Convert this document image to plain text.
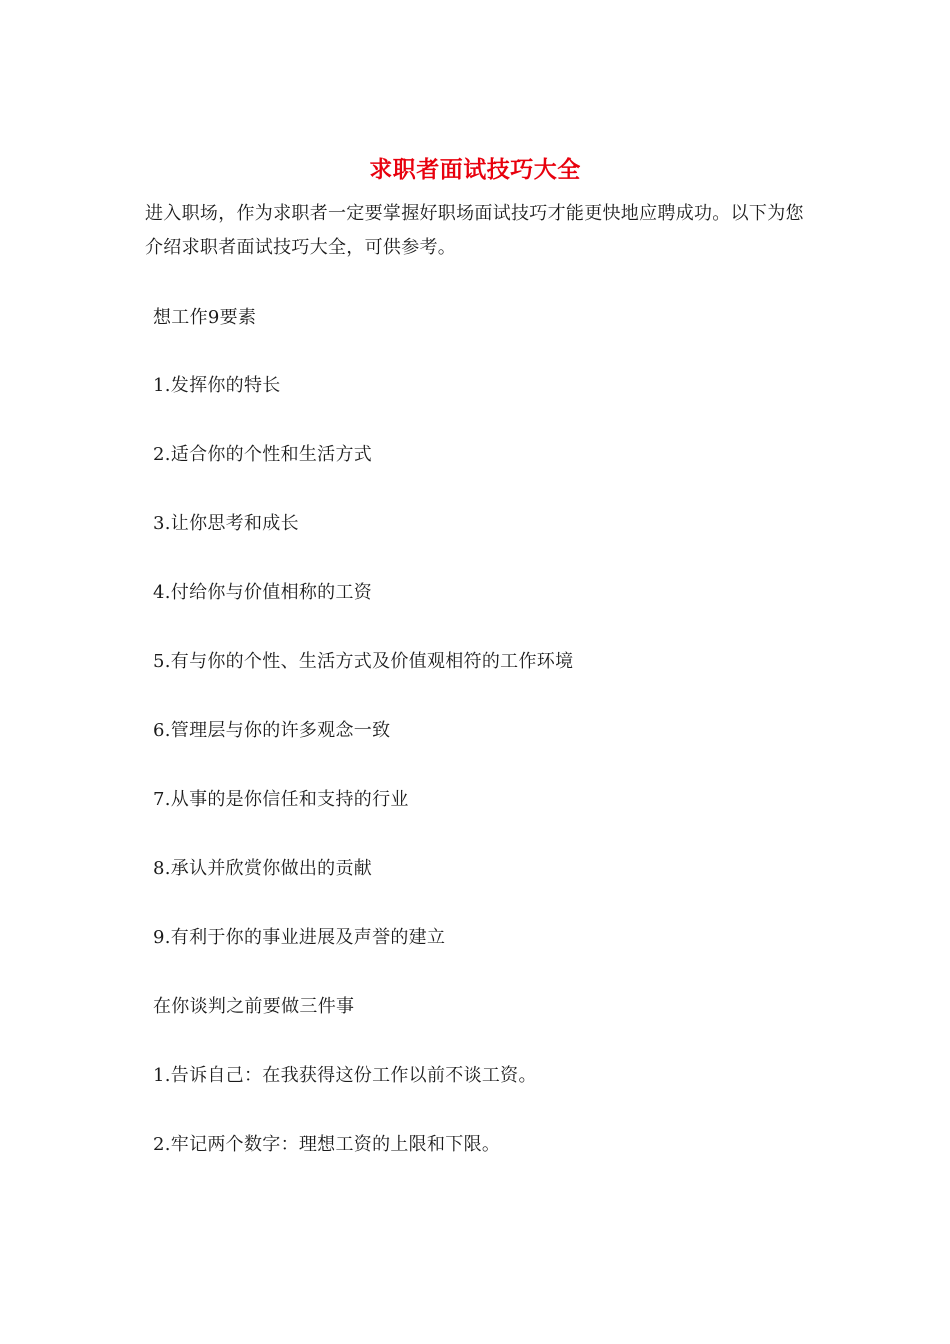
求职者面试技巧大全
进入职场，作为求职者一定要掌握好职场面试技巧才能更快地应聘成功。以下为您介绍求职者面试技巧大全，可供参考。
想工作9要素
1.发挥你的特长
2.适合你的个性和生活方式
3.让你思考和成长
4.付给你与价值相称的工资
5.有与你的个性、生活方式及价值观相符的工作环境
6.管理层与你的许多观念一致
7.从事的是你信任和支持的行业
8.承认并欣赏你做出的贡献
9.有利于你的事业进展及声誉的建立
在你谈判之前要做三件事
1.告诉自己：在我获得这份工作以前不谈工资。
2.牢记两个数字：理想工资的上限和下限。
